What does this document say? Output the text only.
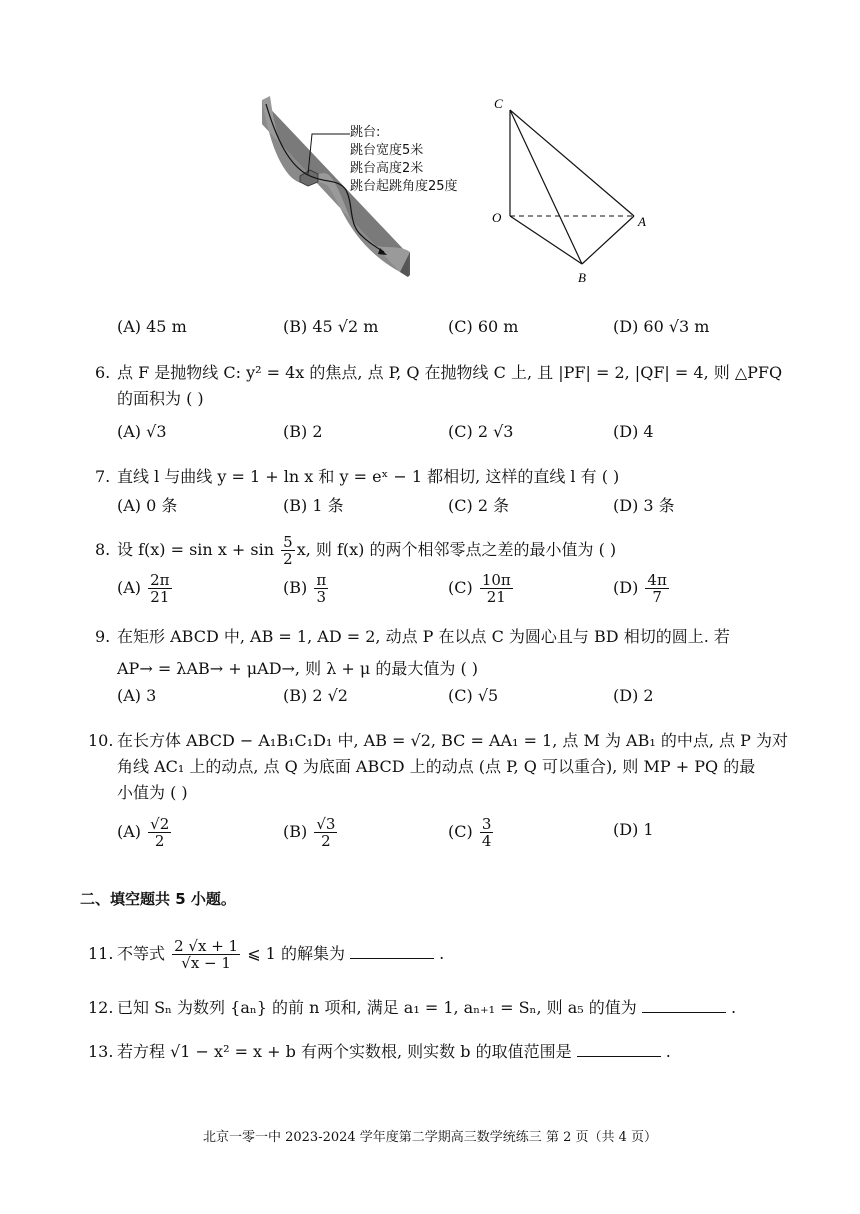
跳台:
跳台宽度5米
跳台高度2米
跳台起跳角度25度
C
O	A
B
(A) 45 m	(B) 45 √2 m	(C) 60 m	(D) 60 √3 m
6. 点 F 是抛物线 C: y² = 4x 的焦点, 点 P, Q 在抛物线 C 上, 且 |PF| = 2, |QF| = 4, 则 △PFQ
的面积为 ( )
(A) √3	(B) 2	(C) 2 √3	(D) 4
7. 直线 l 与曲线 y = 1 + ln x 和 y = eˣ − 1 都相切, 这样的直线 l 有 ( )
(A) 0 条	(B) 1 条	(C) 2 条	(D) 3 条
8. 设 $f(x) = \sin x + \sin \frac{5}{2} x$, 则 f(x) 的两个相邻零点之差的最小值为 ( )
$(A) \frac{2\pi}{21}$	$(B) \frac{\pi}{3}$	$(C) \frac{10\pi}{21}$	$(D) \frac{4\pi}{7}$
9. 在矩形 ABCD 中, AB = 1, AD = 2, 动点 P 在以点 C 为圆心且与 BD 相切的圆上. 若
AP→ = λAB→ + μAD→, 则 λ + μ 的最大值为 ( )
(A) 3	(B) 2 √2	(C) √5	(D) 2
10. 在长方体 ABCD − A₁B₁C₁D₁ 中, AB = √2, BC = AA₁ = 1, 点 M 为 AB₁ 的中点, 点 P 为对
角线 AC₁ 上的动点, 点 Q 为底面 ABCD 上的动点 (点 P, Q 可以重合), 则 MP + PQ 的最
小值为 ( )
$(A) \frac{√2}{2}$	$(B) \frac{√3}{2}$	$(C) \frac{3}{4}$	(D) 1
二、填空题共 5 小题。
11. 不等式 $\frac{2 √x + 1}{√x - 1}$ ⩽ 1 的解集为	.
12. 已知 Sₙ 为数列 {aₙ} 的前 n 项和, 满足 a₁ = 1, aₙ₊₁ = Sₙ, 则 a₅ 的值为	.
13. 若方程 √1 − x² = x + b 有两个实数根, 则实数 b 的取值范围是	.
北京一零一中 2023-2024 学年度第二学期高三数学统练三 第 2 页（共 4 页）
